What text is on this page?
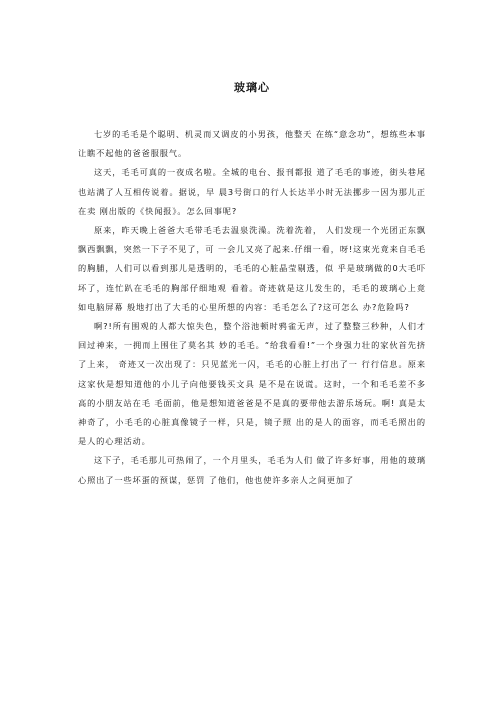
玻璃心

七岁的毛毛是个聪明、机灵而又调皮的小男孩，他整天 在练“意念功”，想练些本事让瞧不起他的爸爸服服气。

这天，毛毛可真的一夜成名啦。全城的电台、报刊都报 道了毛毛的事迹，街头巷尾也站满了人互相传说着。据说，早 晨3号街口的行人长达半小时无法挪步一因为那儿正在卖 刚出版的《快闻报》。怎么回事呢?

原来，昨天晚上爸爸大毛带毛毛去温泉洗澡。洗着洗着， 人们发现一个光团正东飘飘西飘飘，突然一下子不见了，可 一会儿又亮了起来.仔细一看，呀!这束光竟来自毛毛的胸脯，人们可以看到那儿是透明的，毛毛的心脏晶莹剔透，似 乎是玻璃做的0大毛吓坏了，连忙趴在毛毛的胸部仔细地观 看着。奇迹就是这儿发生的，毛毛的玻璃心上竟如电脑屏幕 般地打出了大毛的心里所想的内容：毛毛怎么了?这可怎么 办?危险吗?

啊?!所有围观的人都大惊失色，整个浴池顿时鸦雀无声，过了整整三秒种，人们才回过神来，一拥而上围住了莫名其 妙的毛毛。“给我看看!”一个身强力壮的家伙首先挤了上来， 奇迹又一次出现了：只见蓝光一闪，毛毛的心脏上打出了一 行行信息。原来这家伙是想知道他的小儿子向他要钱买文具 是不是在说谎。这时，一个和毛毛差不多高的小朋友站在毛 毛面前，他是想知道爸爸是不是真的要带他去游乐场玩。啊! 真是太神奇了，小毛毛的心脏真像镜子一样，只是，镜子照 出的是人的面容，而毛毛照出的是人的心理活动。

这下子，毛毛那儿可热闹了，一个月里头，毛毛为人们 做了许多好事，用他的玻璃心照出了一些坏蛋的预谋，惩罚 了他们，他也使许多亲人之间更加了
